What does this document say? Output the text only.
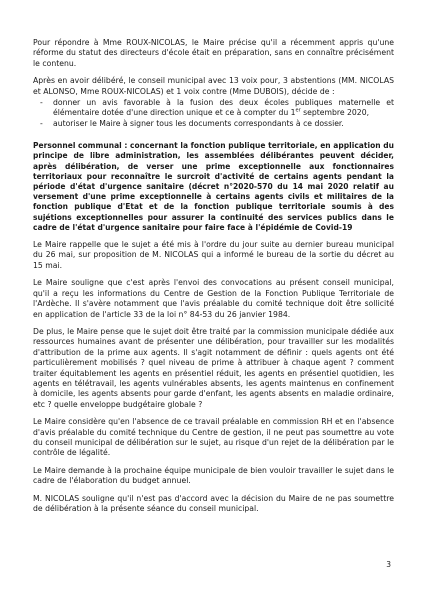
Pour répondre à Mme ROUX-NICOLAS, le Maire précise qu'il a récemment appris qu'une réforme du statut des directeurs d'école était en préparation, sans en connaître précisément le contenu.

Après en avoir délibéré, le conseil municipal avec 13 voix pour, 3 abstentions (MM. NICOLAS et ALONSO, Mme ROUX-NICOLAS) et 1 voix contre (Mme DUBOIS), décide de :

- donner un avis favorable à la fusion des deux écoles publiques maternelle et élémentaire dotée d'une direction unique et ce à compter du 1er septembre 2020,
- autoriser le Maire à signer tous les documents correspondants à ce dossier.

Personnel communal : concernant la fonction publique territoriale, en application du principe de libre administration, les assemblées délibérantes peuvent décider, après délibération, de verser une prime exceptionnelle aux fonctionnaires territoriaux pour reconnaître le surcroit d'activité de certains agents pendant la période d'état d'urgence sanitaire (décret n°2020-570 du 14 mai 2020 relatif au versement d'une prime exceptionnelle à certains agents civils et militaires de la fonction publique d'Etat et de la fonction publique territoriale soumis à des sujétions exceptionnelles pour assurer la continuité des services publics dans le cadre de l'état d'urgence sanitaire pour faire face à l'épidémie de Covid-19

Le Maire rappelle que le sujet a été mis à l'ordre du jour suite au dernier bureau municipal du 26 mai, sur proposition de M. NICOLAS qui a informé le bureau de la sortie du décret au 15 mai.

Le Maire souligne que c'est après l'envoi des convocations au présent conseil municipal, qu'il a reçu les informations du Centre de Gestion de la Fonction Publique Territoriale de l'Ardèche. Il s'avère notamment que l'avis préalable du comité technique doit être sollicité en application de l'article 33 de la loi n° 84-53 du 26 janvier 1984.

De plus, le Maire pense que le sujet doit être traité par la commission municipale dédiée aux ressources humaines avant de présenter une délibération, pour travailler sur les modalités d'attribution de la prime aux agents. Il s'agit notamment de définir : quels agents ont été particulièrement mobilisés ? quel niveau de prime à attribuer à chaque agent ? comment traiter équitablement les agents en présentiel réduit, les agents en présentiel quotidien, les agents en télétravail, les agents vulnérables absents, les agents maintenus en confinement à domicile, les agents absents pour garde d'enfant, les agents absents en maladie ordinaire, etc ? quelle enveloppe budgétaire globale ?

Le Maire considère qu'en l'absence de ce travail préalable en commission RH et en l'absence d'avis préalable du comité technique du Centre de gestion, il ne peut pas soumettre au vote du conseil municipal de délibération sur le sujet, au risque d'un rejet de la délibération par le contrôle de légalité.

Le Maire demande à la prochaine équipe municipale de bien vouloir travailler le sujet dans le cadre de l'élaboration du budget annuel.

M. NICOLAS souligne qu'il n'est pas d'accord avec la décision du Maire de ne pas soumettre de délibération à la présente séance du conseil municipal.

3
